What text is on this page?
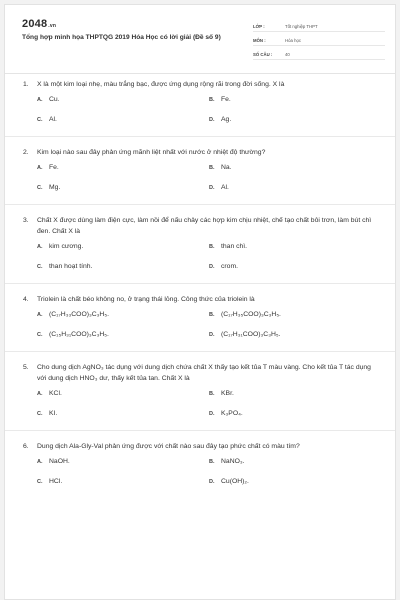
2048.vn
Tổng hợp minh họa THPTQG 2019 Hóa Học có lời giải (Đề số 9)
LỚP :	Tốt nghiệp THPT
MÔN :	Hóa học
SỐ CÂU :	40
1. X là một kim loại nhẹ, màu trắng bạc, được ứng dụng rộng rãi trong đời sống. X là
A. Cu.	B. Fe.
C. Al.	D. Ag.
2. Kim loại nào sau đây phản ứng mãnh liệt nhất với nước ở nhiệt độ thường?
A. Fe.	B. Na.
C. Mg.	D. Al.
3. Chất X được dùng làm điện cực, làm nồi để nấu chảy các hợp kim chịu nhiệt, chế tạo chất bôi trơn, làm bút chì đen. Chất X là
A. kim cương.	B. than chì.
C. than hoạt tính.	D. crom.
4. Triolein là chất béo không no, ở trạng thái lỏng. Công thức của triolein là
A. (C₁₇H₃₃COO)₃C₃H₅.	B. (C₁₇H₃₅COO)₃C₃H₅.
C. (C₁₅H₃₁COO)₃C₃H₅.	D. (C₁₇H₃₁COO)₃C₃H₅.
5. Cho dung dịch AgNO₃ tác dụng với dung dịch chứa chất X thấy tạo kết tủa T màu vàng. Cho kết tủa T tác dụng với dung dịch HNO₃ dư, thấy kết tủa tan. Chất X là
A. KCl.	B. KBr.
C. KI.	D. K₃PO₄.
6. Dung dịch Ala-Gly-Val phản ứng được với chất nào sau đây tạo phức chất có màu tím?
A. NaOH.	B. NaNO₃.
C. HCl.	D. Cu(OH)₂.
